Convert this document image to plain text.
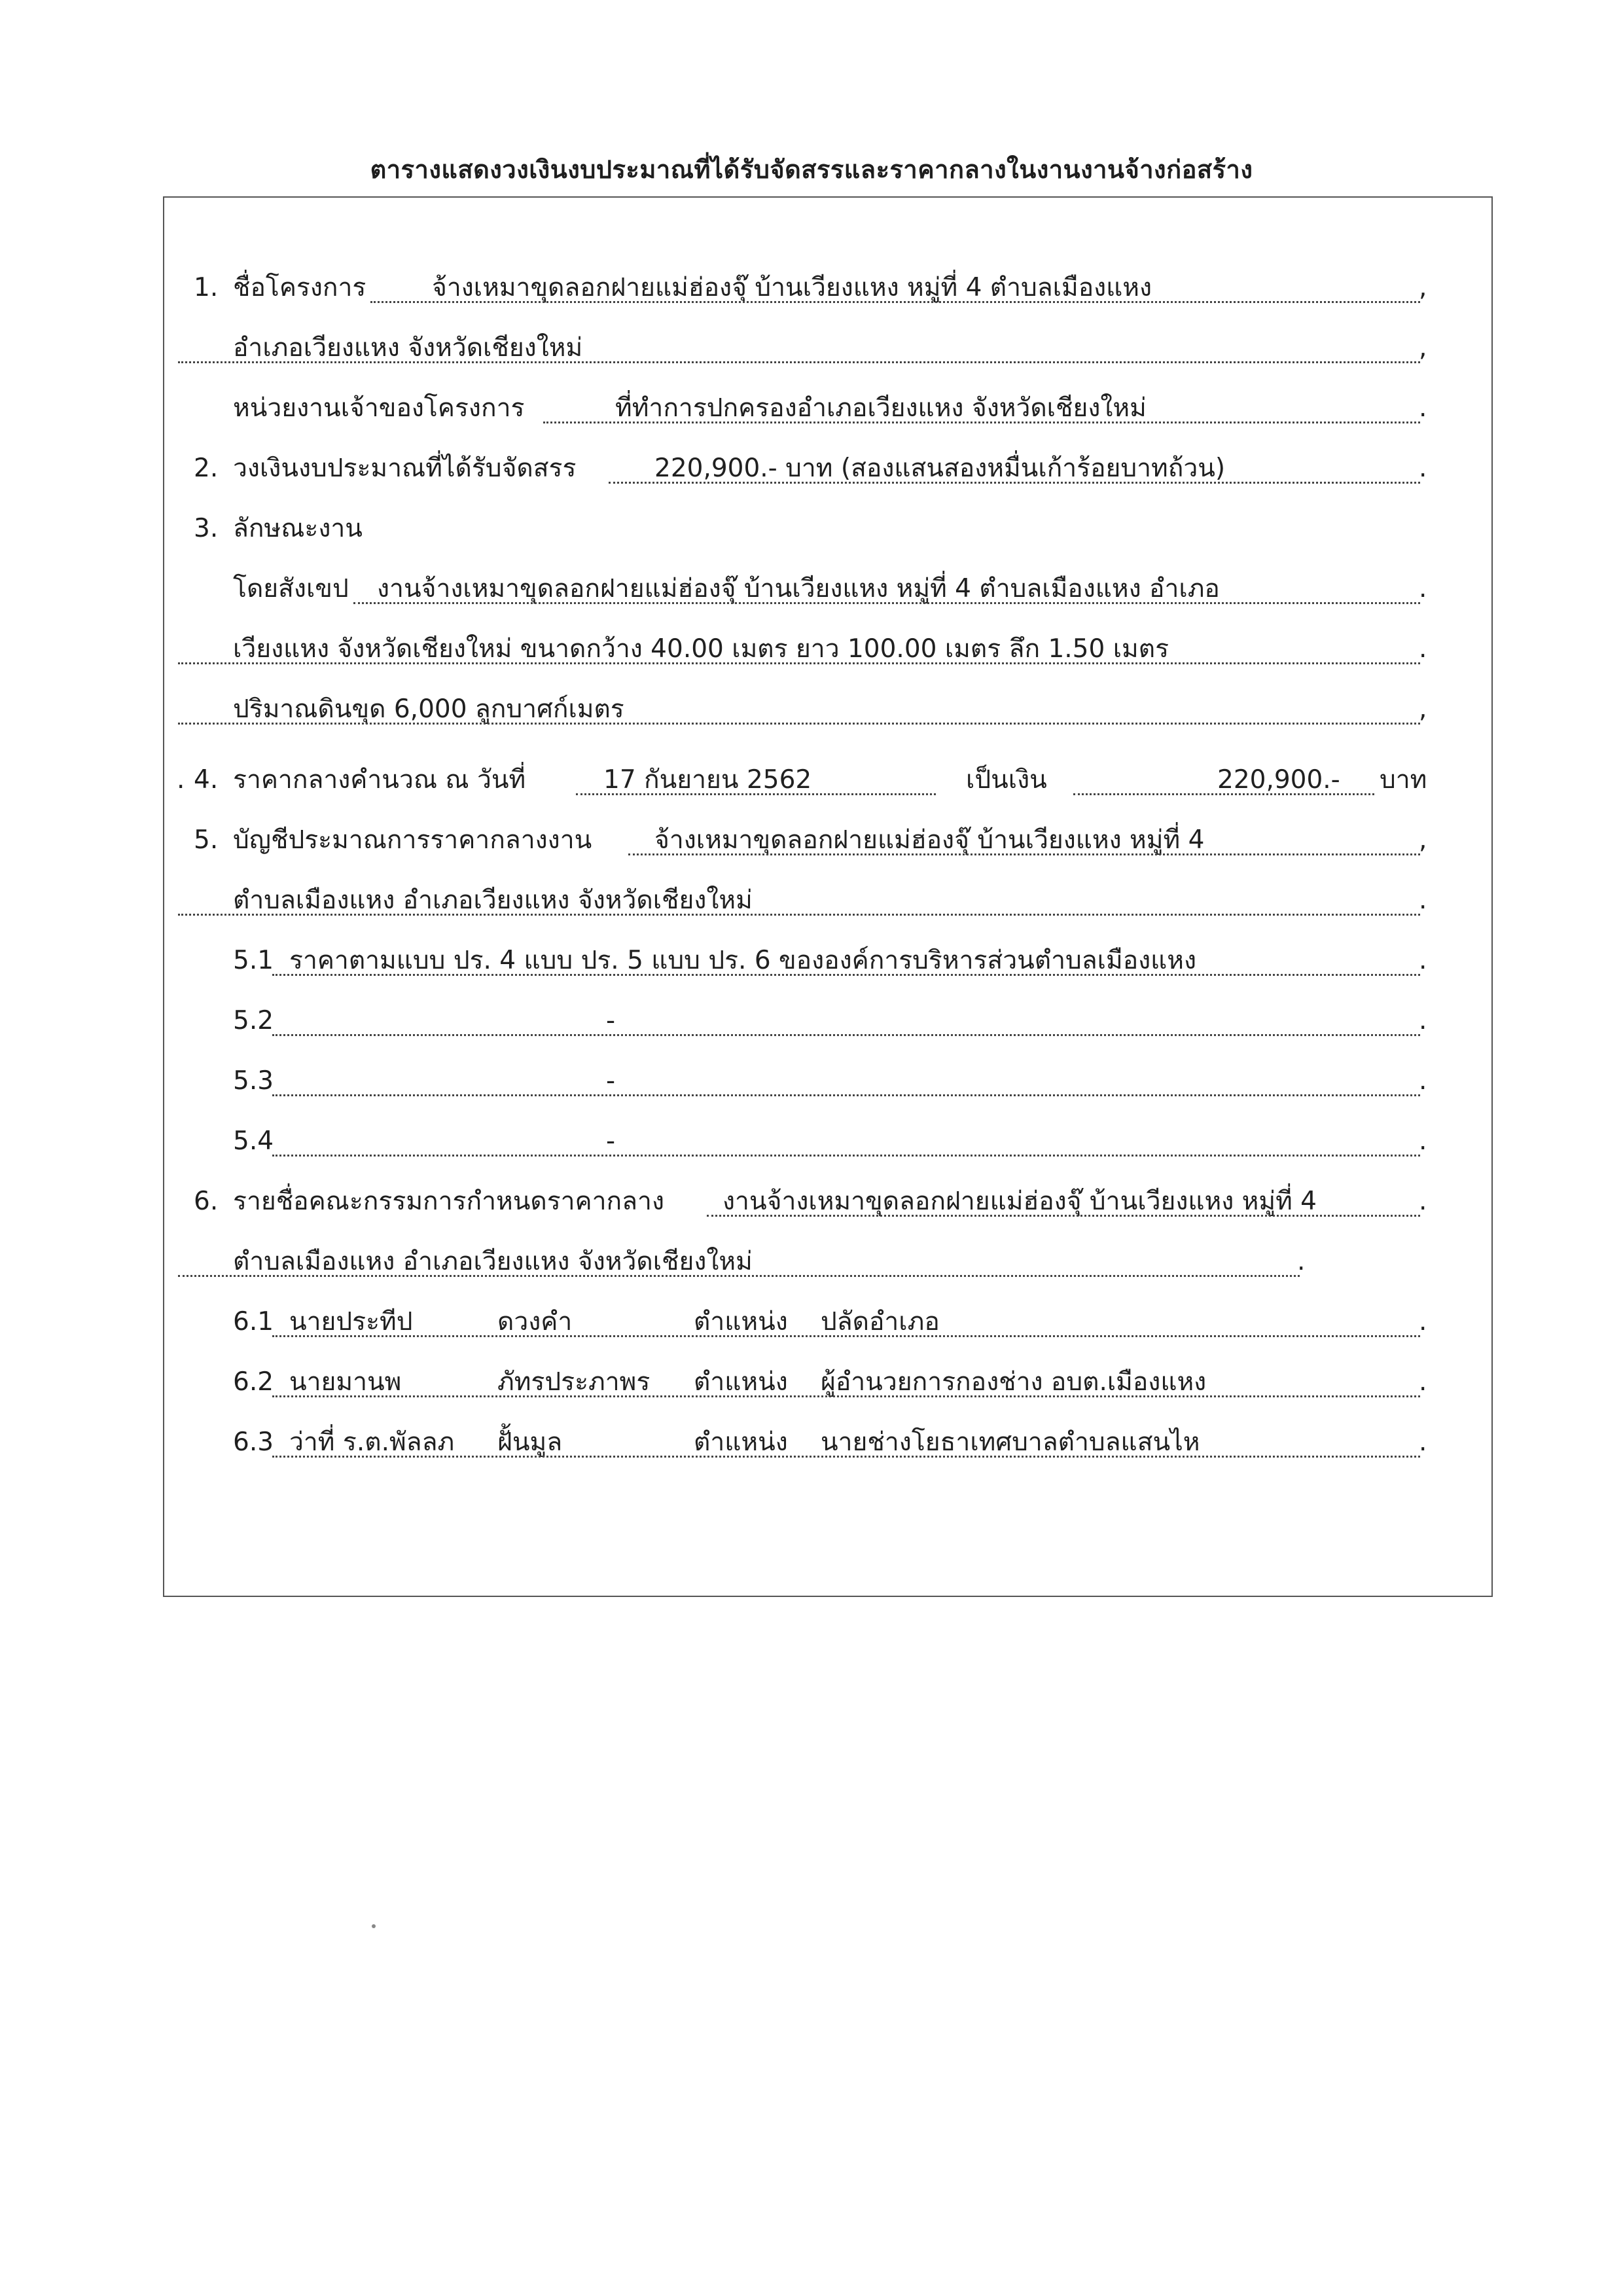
ตารางแสดงวงเงินงบประมาณที่ได้รับจัดสรรและราคากลางในงานงานจ้างก่อสร้าง
1. ชื่อโครงการ	จ้างเหมาขุดลอกฝายแม่ฮ่องจุ๊ บ้านเวียงแหง หมู่ที่ 4 ตำบลเมืองแหง	,
อำเภอเวียงแหง จังหวัดเชียงใหม่	,
หน่วยงานเจ้าของโครงการ	ที่ทำการปกครองอำเภอเวียงแหง จังหวัดเชียงใหม่	.
2. วงเงินงบประมาณที่ได้รับจัดสรร	220,900.- บาท (สองแสนสองหมื่นเก้าร้อยบาทถ้วน)	.
3. ลักษณะงาน
โดยสังเขป งานจ้างเหมาขุดลอกฝายแม่ฮ่องจุ๊ บ้านเวียงแหง หมู่ที่ 4 ตำบลเมืองแหง อำเภอ	.
เวียงแหง จังหวัดเชียงใหม่ ขนาดกว้าง 40.00 เมตร ยาว 100.00 เมตร ลึก 1.50 เมตร	.
ปริมาณดินขุด 6,000 ลูกบาศก์เมตร	,
. 4. ราคากลางคำนวณ ณ วันที่	17 กันยายน 2562	เป็นเงิน	220,900.- บาท
5. บัญชีประมาณการราคากลางงาน จ้างเหมาขุดลอกฝายแม่ฮ่องจุ๊ บ้านเวียงแหง หมู่ที่ 4	,
ตำบลเมืองแหง อำเภอเวียงแหง จังหวัดเชียงใหม่	.
5.1 ราคาตามแบบ ปร. 4 แบบ ปร. 5 แบบ ปร. 6 ขององค์การบริหารส่วนตำบลเมืองแหง	.
5.2	-	.
5.3	-	.
5.4	-	.
6. รายชื่อคณะกรรมการกำหนดราคากลาง งานจ้างเหมาขุดลอกฝายแม่ฮ่องจุ๊ บ้านเวียงแหง หมู่ที่ 4	.
ตำบลเมืองแหง อำเภอเวียงแหง จังหวัดเชียงใหม่	.
6.1 นายประทีป	ดวงคำ	ตำแหน่ง ปลัดอำเภอ	.
6.2 นายมานพ	ภัทรประภาพร ตำแหน่ง ผู้อำนวยการกองช่าง อบต.เมืองแหง	.
6.3 ว่าที่ ร.ต.พัลลภ ฝั้นมูล	ตำแหน่ง นายช่างโยธาเทศบาลตำบลแสนไห	.
